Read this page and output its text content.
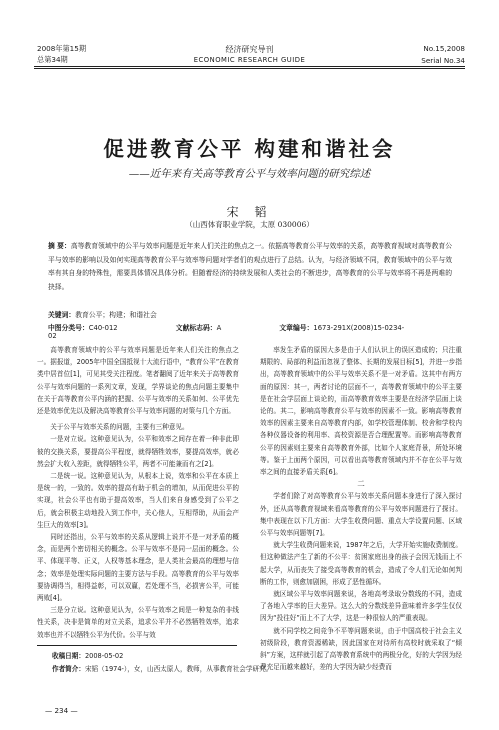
2008年第15期
总第34期
经济研究导刊
ECONOMIC RESEARCH GUIDE
No.15,2008
Serial No.34
促进教育公平 构建和谐社会
——近年来有关高等教育公平与效率问题的研究综述
宋 韬
（山西体育职业学院，太原 030006）
摘 要：高等教育领域中的公平与效率问题是近年来人们关注的焦点之一。依据高等教育公平与效率的关系，高等教育视域对高等教育公平与效率的影响以及如何实现高等教育公平与效率等问题对学者们的观点进行了总结。认为，与经济领域不同，教育领域中的公平与效率有其自身的特殊性，需要具体情况具体分析。但随着经济的持续发展和人类社会的不断进步，高等教育的公平与效率将不再是两难的抉择。
关键词：教育公平；构建；和谐社会
中图分类号：C40-012	文献标志码：A	文章编号：1673-291X(2008)15-0234-02

高等教育领域中的公平与效率问题是近年来人们关注的焦点之一。据报道，2005年中国全国抵视十大流行语中，“教育公平”在教育类中居首位[1]，可见其受关注程度。笔者翻阅了近年来关于高等教育公平与效率问题的一系列文章，发现，学界谈论的焦点问题主要集中在关于高等教育公平内涵的把握、公平与效率的关系如何、公平优先还是效率优先以及解决高等教育公平与效率问题的对策与几个方面。

关于公平与效率关系的问题，主要有三种意见。

一是对立说。这种意见认为，公平和效率之间存在着一种非此即彼的交换关系，要提高公平程度，就得牺牲效率，要提高效率，就必然会扩大收入差距，就得牺牲公平，两者不可能兼而有之[2]。

二是统一说。这种意见认为，从根本上说，效率和公平在本质上是统一的，一致的。效率的提高有助于机会的增加，从而促进公平的实现，社会公平也有助于提高效率，当人们来自身感受到了公平之后，就会积极主动地投入到工作中，关心他人，互相帮助，从而会产生巨大的效率[3]。

同时还指出，公平与效率的关系从逻辑上说并不是一对矛盾的概念，而是两个密切相关的概念。公平与效率不是同一层面的概念。公平、体现平等、正义，人权等基本理念，是人类社会最高的理想与信念；效率是处理实际问题的主要方法与手段。高等教育的公平与效率要协调得当，相得益彰，可以双赢，若处理不当，必损害公平，可能两败[4]。

三是分立说。这种意见认为，公平与效率之间是一种复杂的非线性关系，决非是简单的对立关系，追求公平并不必然牺牲效率，追求效率也并不以牺牲公平为代价。公平与效

率发生矛盾的原因大多是由于人们认识上的误区造成的；只注重期限的、局部的利益而忽视了整体、长期的发展目标[5]，并进一步指出，高等教育领域中的公平与效率关系不是一对矛盾。这其中有两方面的原因：其一，两者讨论的层面不一，高等教育领域中的公平主要是在社会学层面上谈论的，而高等教育效率主要是在经济学层面上谈论的。其二，影响高等教育公平与效率的因素不一致。影响高等教育效率的因素主要来自高等教育内部，如学校管理体制、校舍和学校内各种仪器设备的利用率、高校资源是否合理配置等。而影响高等教育公平的因素则主要来自高等教育外部，比如个人家庭背景，所处环境等。鉴于上面两个原因，可以看出高等教育领域内并不存在公平与效率之间的直接矛盾关系[6]。

二

学者们除了对高等教育公平与效率关系问题本身进行了深入探讨外，还从高等教育视域来看高等教育的公平与效率问题进行了探讨。集中表现在以下几方面：大学生收费问题、重点大学设置问题、区域公平与效率问题等[7]。

就大学生收费问题来说，1987年之后，大学开始实施收费制度。但这种做法产生了新的不公平：贫困家庭出身的孩子会因无钱而上不起大学，从而丧失了接受高等教育的机会，造成了令人们无论如何判断的工作，则愈加剧困，形成了恶性循环。

就区域公平与效率问题来说，各地高考录取分数线的不同，造成了各地入学率的巨大差异。这么大的分数线差异意味着许多学生仅仅因为“投往好”而上不了大学，这是一种很惊人的严重表现。

就不同学校之间竞争不平等问题来说，由于中国高校于社会主义初级阶段，教育资源稀缺，因此国家在对待所有高校时就采取了“倾斜”方案，这样就引起了高等教育系统中的两极分化，好的大学因为经费充足而越来越好，差的大学因为缺少经费而

收稿日期：2008-05-02
作者简介：宋韬（1974-），女，山西太原人，教师，从事教育社会学研究。
— 234 —
